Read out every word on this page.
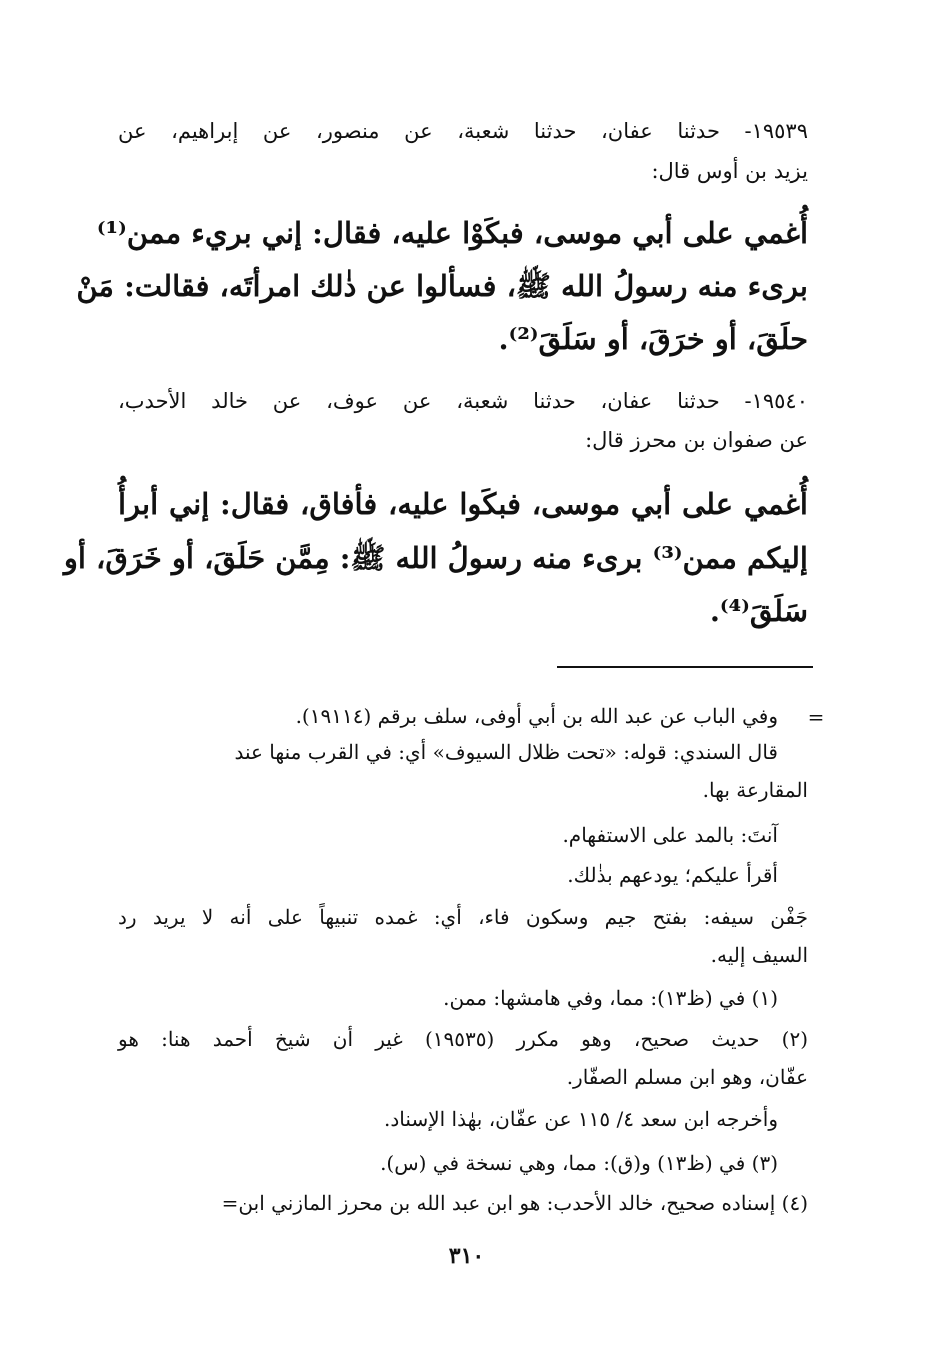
١٩٥٣٩- حدثنا عفان، حدثنا شعبة، عن منصور، عن إبراهيم، عن
يزيد بن أوس قال:
أُغمي على أبي موسى، فبكَوْا عليه، فقال: إني بريء ممن⁽¹⁾
برىء منه رسولُ الله ﷺ، فسألوا عن ذٰلك امرأتَه، فقالت: مَنْ
حلَقَ، أو خرَقَ، أو سَلَقَ⁽²⁾.
١٩٥٤٠- حدثنا عفان، حدثنا شعبة، عن عوف، عن خالد الأحدب،
عن صفوان بن محرز قال:
أُغمي على أبي موسى، فبكَوا عليه، فأفاق، فقال: إني أبرأُ
إليكم ممن⁽³⁾ برىء منه رسولُ الله ﷺ: مِمَّن حَلَقَ، أو خَرَقَ، أو
سَلَقَ⁽⁴⁾.
=
وفي الباب عن عبد الله بن أبي أوفى، سلف برقم (١٩١١٤).
قال السندي: قوله: «تحت ظلال السيوف» أي: في القرب منها عند
المقارعة بها.
آنتَ: بالمد على الاستفهام.
أقرأ عليكم؛ يودعهم بذٰلك.
جَفْن سيفه: بفتح جيم وسكون فاء، أي: غمده تنبيهاً على أنه لا يريد رد
السيف إليه.
(١) في (ظ١٣): مما، وفي هامشها: ممن.
(٢) حديث صحيح، وهو مكرر (١٩٥٣٥) غير أن شيخ أحمد هنا: هو
عفّان، وهو ابن مسلم الصفّار.
وأخرجه ابن سعد ٤/ ١١٥ عن عفّان، بهٰذا الإسناد.
(٣) في (ظ١٣) و(ق): مما، وهي نسخة في (س).
(٤) إسناده صحيح، خالد الأحدب: هو ابن عبد الله بن محرز المازني ابن=
٣١٠
